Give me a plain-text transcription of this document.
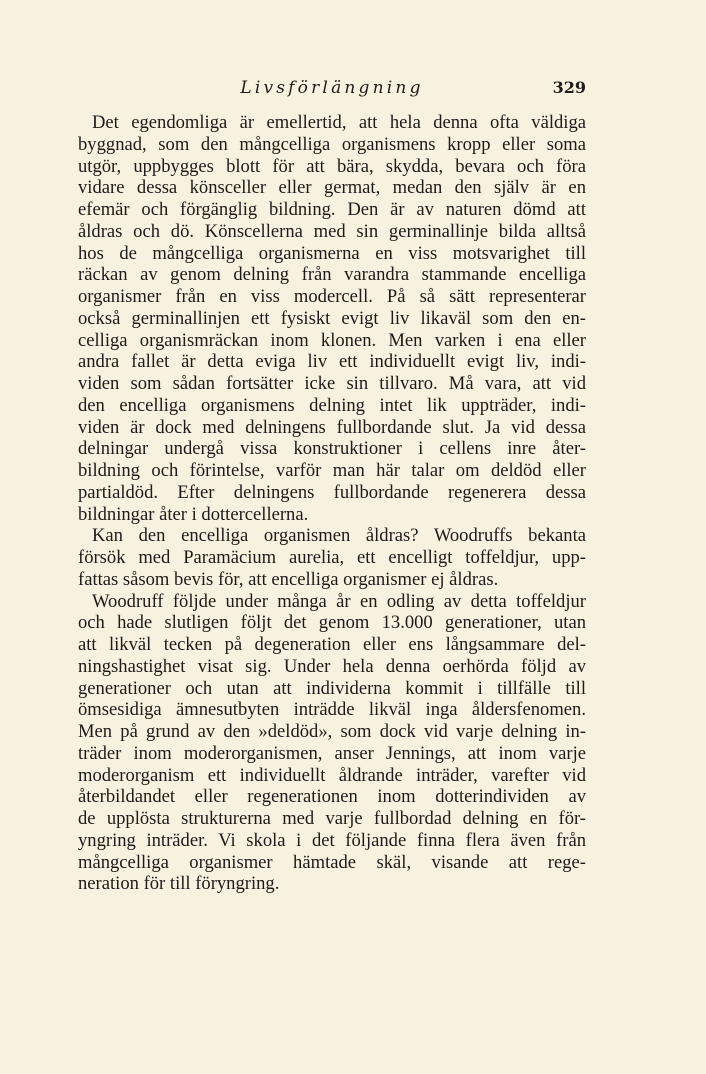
Livsförlängning	329
Det egendomliga är emellertid, att hela denna ofta väldiga
byggnad, som den mångcelliga organismens kropp eller soma
utgör, uppbygges blott för att bära, skydda, bevara och föra
vidare dessa könsceller eller germat, medan den själv är en
efemär och förgänglig bildning. Den är av naturen dömd att
åldras och dö. Könscellerna med sin germinallinje bilda alltså
hos de mångcelliga organismerna en viss motsvarighet till
räckan av genom delning från varandra stammande encelliga
organismer från en viss modercell. På så sätt representerar
också germinallinjen ett fysiskt evigt liv likaväl som den en-
celliga organismräckan inom klonen. Men varken i ena eller
andra fallet är detta eviga liv ett individuellt evigt liv, indi-
viden som sådan fortsätter icke sin tillvaro. Må vara, att vid
den encelliga organismens delning intet lik uppträder, indi-
viden är dock med delningens fullbordande slut. Ja vid dessa
delningar undergå vissa konstruktioner i cellens inre åter-
bildning och förintelse, varför man här talar om deldöd eller
partialdöd. Efter delningens fullbordande regenerera dessa
bildningar åter i dottercellerna.
Kan den encelliga organismen åldras? Woodruffs bekanta
försök med Paramäcium aurelia, ett encelligt toffeldjur, upp-
fattas såsom bevis för, att encelliga organismer ej åldras.
Woodruff följde under många år en odling av detta toffeldjur
och hade slutligen följt det genom 13.000 generationer, utan
att likväl tecken på degeneration eller ens långsammare del-
ningshastighet visat sig. Under hela denna oerhörda följd av
generationer och utan att individerna kommit i tillfälle till
ömsesidiga ämnesutbyten inträdde likväl inga åldersfenomen.
Men på grund av den »deldöd», som dock vid varje delning in-
träder inom moderorganismen, anser Jennings, att inom varje
moderorganism ett individuellt åldrande inträder, varefter vid
återbildandet eller regenerationen inom dotterindividen av
de upplösta strukturerna med varje fullbordad delning en för-
yngring inträder. Vi skola i det följande finna flera även från
mångcelliga organismer hämtade skäl, visande att rege-
neration för till föryngring.
